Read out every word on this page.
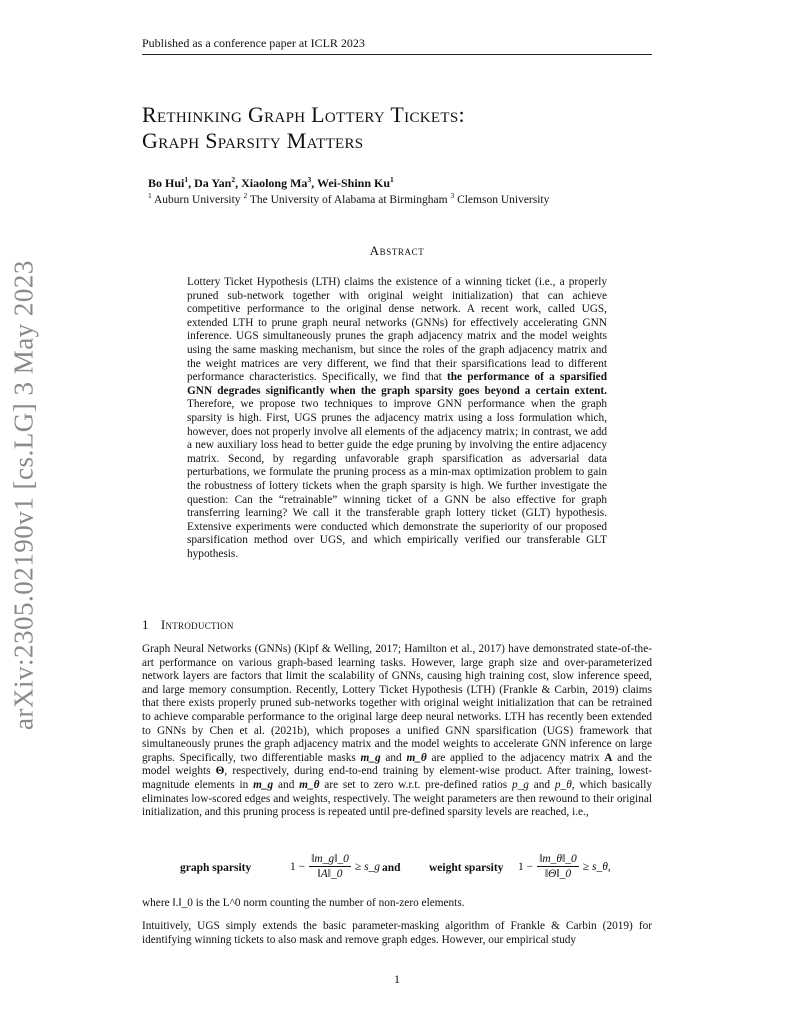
arXiv:2305.02190v1 [cs.LG] 3 May 2023
Published as a conference paper at ICLR 2023
Rethinking Graph Lottery Tickets:
Graph Sparsity Matters
Bo Hui$^1$, Da Yan$^2$, Xiaolong Ma$^3$, Wei-Shinn Ku$^1$
$^1$ Auburn University $^2$ The University of Alabama at Birmingham $^3$ Clemson University
Abstract
Lottery Ticket Hypothesis (LTH) claims the existence of a winning ticket (i.e., a properly pruned sub-network together with original weight initialization) that can achieve competitive performance to the original dense network. A recent work, called UGS, extended LTH to prune graph neural networks (GNNs) for effectively accelerating GNN inference. UGS simultaneously prunes the graph adjacency matrix and the model weights using the same masking mechanism, but since the roles of the graph adjacency matrix and the weight matrices are very different, we find that their sparsifications lead to different performance characteristics. Specifically, we find that the performance of a sparsified GNN degrades significantly when the graph sparsity goes beyond a certain extent. Therefore, we propose two techniques to improve GNN performance when the graph sparsity is high. First, UGS prunes the adjacency matrix using a loss formulation which, however, does not properly involve all elements of the adjacency matrix; in contrast, we add a new auxiliary loss head to better guide the edge pruning by involving the entire adjacency matrix. Second, by regarding unfavorable graph sparsification as adversarial data perturbations, we formulate the pruning process as a min-max optimization problem to gain the robustness of lottery tickets when the graph sparsity is high. We further investigate the question: Can the “retrainable” winning ticket of a GNN be also effective for graph transferring learning? We call it the transferable graph lottery ticket (GLT) hypothesis. Extensive experiments were conducted which demonstrate the superiority of our proposed sparsification method over UGS, and which empirically verified our transferable GLT hypothesis.
1 Introduction
Graph Neural Networks (GNNs) (Kipf & Welling, 2017; Hamilton et al., 2017) have demonstrated state-of-the-art performance on various graph-based learning tasks. However, large graph size and over-parameterized network layers are factors that limit the scalability of GNNs, causing high training cost, slow inference speed, and large memory consumption. Recently, Lottery Ticket Hypothesis (LTH) (Frankle & Carbin, 2019) claims that there exists properly pruned sub-networks together with original weight initialization that can be retrained to achieve comparable performance to the original large deep neural networks. LTH has recently been extended to GNNs by Chen et al. (2021b), which proposes a unified GNN sparsification (UGS) framework that simultaneously prunes the graph adjacency matrix and the model weights to accelerate GNN inference on large graphs. Specifically, two differentiable masks m_g and m_θ are applied to the adjacency matrix A and the model weights Θ, respectively, during end-to-end training by element-wise product. After training, lowest-magnitude elements in m_g and m_θ are set to zero w.r.t. pre-defined ratios p_g and p_θ, which basically eliminates low-scored edges and weights, respectively. The weight parameters are then rewound to their original initialization, and this pruning process is repeated until pre-defined sparsity levels are reached, i.e.,
graph sparsity	$1 - \frac{‖m\_g‖\_0}{‖A‖\_0}$ ≥ s_g and weight sparsity $1 - \frac{‖m\_\theta‖\_0}{‖\Theta‖\_0}$ ≥ s_θ,
where ‖.‖_0 is the L^0 norm counting the number of non-zero elements.
Intuitively, UGS simply extends the basic parameter-masking algorithm of Frankle & Carbin (2019) for identifying winning tickets to also mask and remove graph edges. However, our empirical study
1
